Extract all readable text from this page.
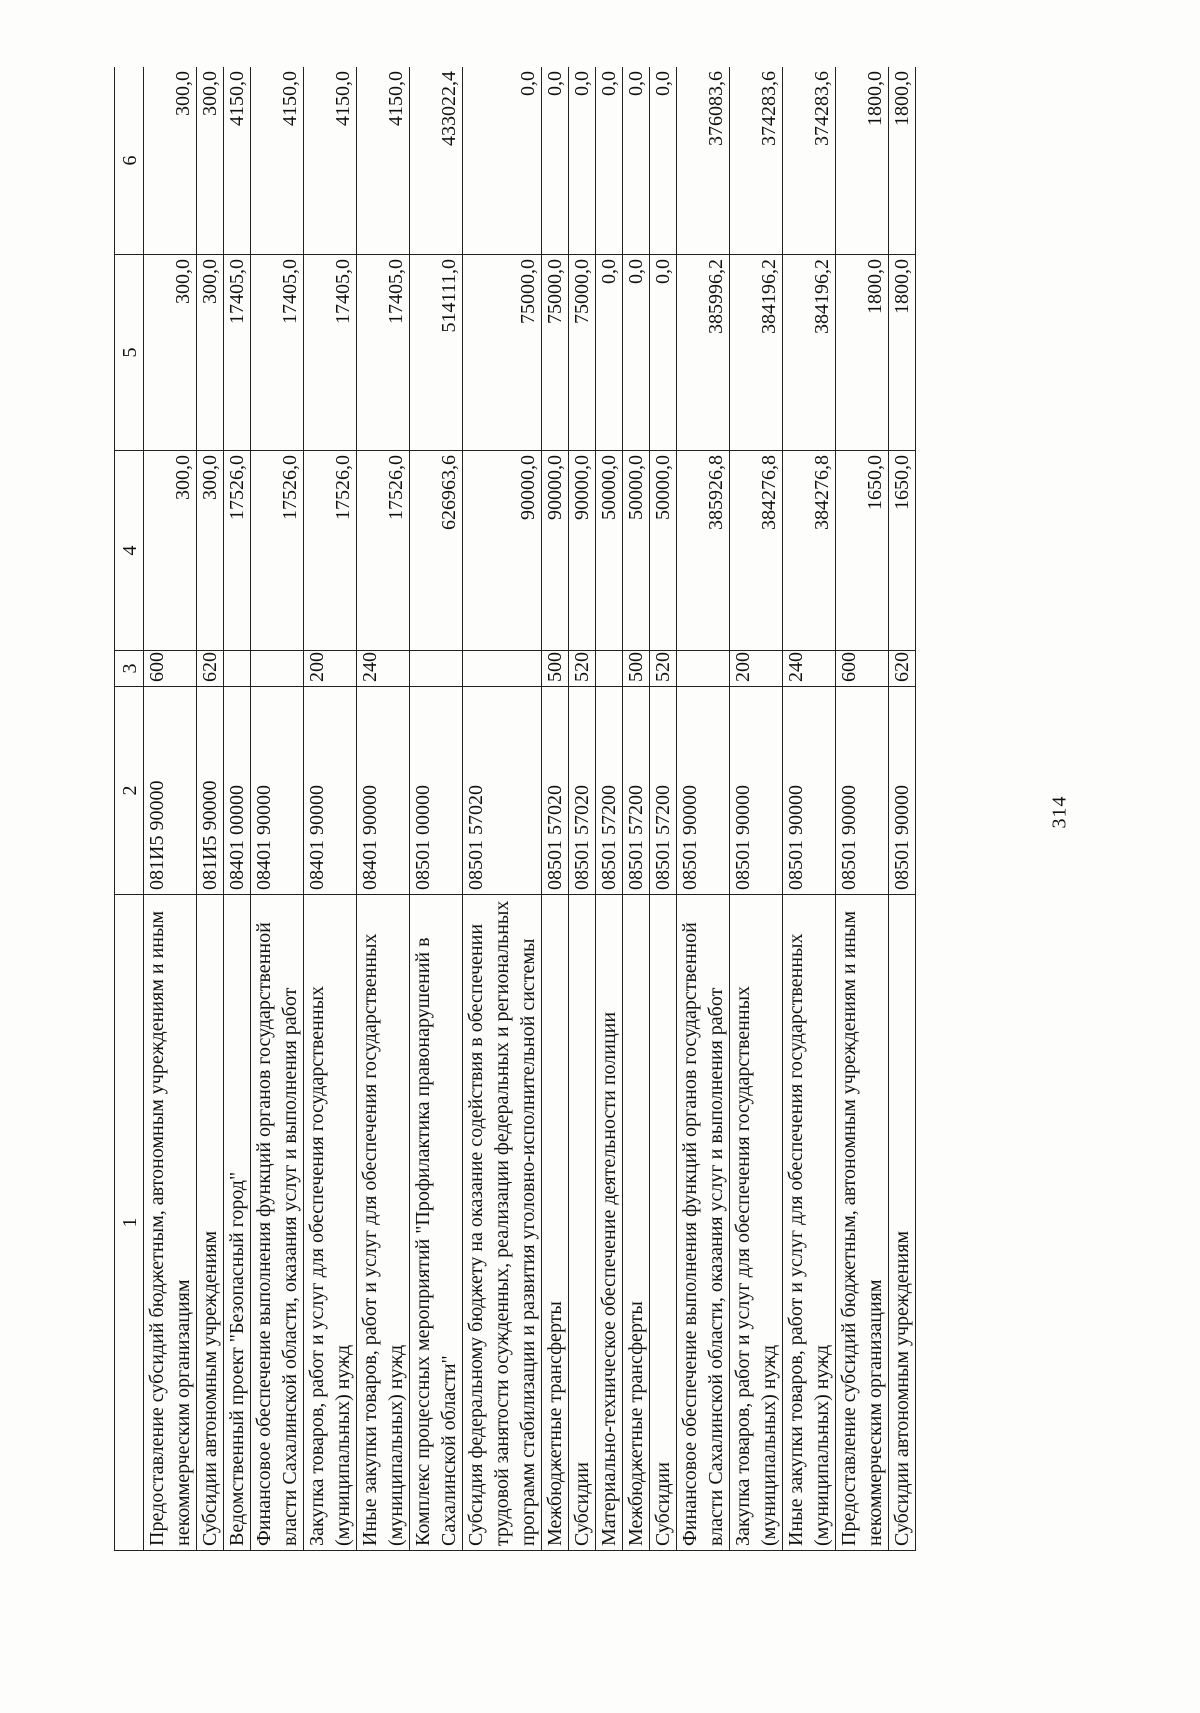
314
1	2	3	4	5	6
Предоставление субсидий бюджетным, автономным учреждениям и иным некоммерческим организациям	081И5 90000	600	300,0	300,0	300,0
Субсидии автономным учреждениям	081И5 90000	620	300,0	300,0	300,0
Ведомственный проект "Безопасный город"	08401 00000		17526,0	17405,0	4150,0
Финансовое обеспечение выполнения функций органов государственной власти Сахалинской области, оказания услуг и выполнения работ	08401 90000		17526,0	17405,0	4150,0
Закупка товаров, работ и услуг для обеспечения государственных (муниципальных) нужд	08401 90000	200	17526,0	17405,0	4150,0
Иные закупки товаров, работ и услуг для обеспечения государственных (муниципальных) нужд	08401 90000	240	17526,0	17405,0	4150,0
Комплекс процессных мероприятий "Профилактика правонарушений в Сахалинской области"	08501 00000		626963,6	514111,0	433022,4
Субсидия федеральному бюджету на оказание содействия в обеспечении трудовой занятости осужденных, реализации федеральных и региональных программ стабилизации и развития уголовно-исполнительной системы	08501 57020		90000,0	75000,0	0,0
Межбюджетные трансферты	08501 57020	500	90000,0	75000,0	0,0
Субсидии	08501 57020	520	90000,0	75000,0	0,0
Материально-техническое обеспечение деятельности полиции	08501 57200		50000,0	0,0	0,0
Межбюджетные трансферты	08501 57200	500	50000,0	0,0	0,0
Субсидии	08501 57200	520	50000,0	0,0	0,0
Финансовое обеспечение выполнения функций органов государственной власти Сахалинской области, оказания услуг и выполнения работ	08501 90000		385926,8	385996,2	376083,6
Закупка товаров, работ и услуг для обеспечения государственных (муниципальных) нужд	08501 90000	200	384276,8	384196,2	374283,6
Иные закупки товаров, работ и услуг для обеспечения государственных (муниципальных) нужд	08501 90000	240	384276,8	384196,2	374283,6
Предоставление субсидий бюджетным, автономным учреждениям и иным некоммерческим организациям	08501 90000	600	1650,0	1800,0	1800,0
Субсидии автономным учреждениям	08501 90000	620	1650,0	1800,0	1800,0
